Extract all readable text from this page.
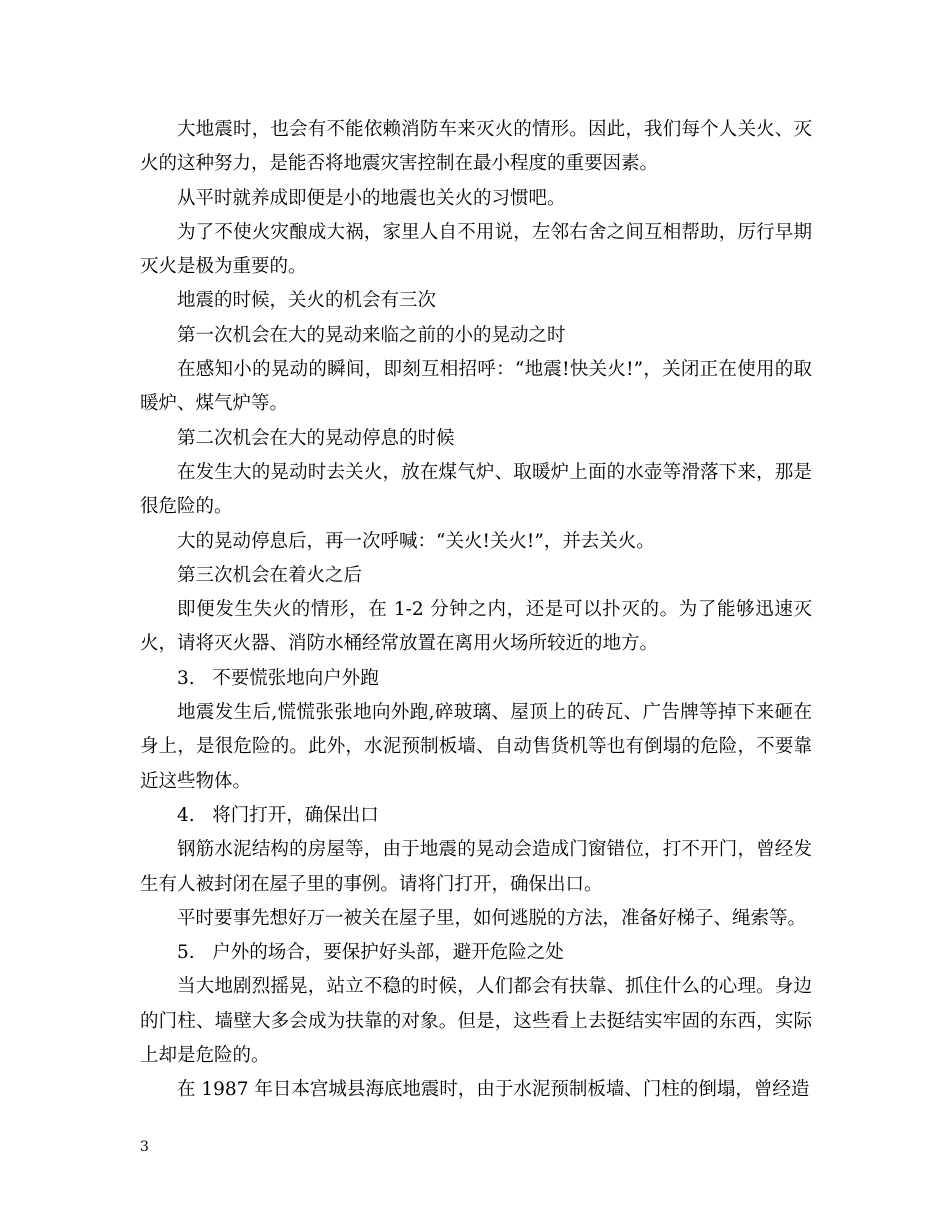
大地震时，也会有不能依赖消防车来灭火的情形。因此，我们每个人关火、灭火的这种努力，是能否将地震灾害控制在最小程度的重要因素。

从平时就养成即便是小的地震也关火的习惯吧。

为了不使火灾酿成大祸，家里人自不用说，左邻右舍之间互相帮助，厉行早期灭火是极为重要的。

地震的时候，关火的机会有三次

第一次机会在大的晃动来临之前的小的晃动之时

在感知小的晃动的瞬间，即刻互相招呼：“地震!快关火!”，关闭正在使用的取暖炉、煤气炉等。

第二次机会在大的晃动停息的时候

在发生大的晃动时去关火，放在煤气炉、取暖炉上面的水壶等滑落下来，那是很危险的。

大的晃动停息后，再一次呼喊：“关火!关火!”，并去关火。

第三次机会在着火之后

即便发生失火的情形，在 1-2 分钟之内，还是可以扑灭的。为了能够迅速灭火，请将灭火器、消防水桶经常放置在离用火场所较近的地方。

3.   不要慌张地向户外跑

地震发生后,慌慌张张地向外跑,碎玻璃、屋顶上的砖瓦、广告牌等掉下来砸在身上，是很危险的。此外，水泥预制板墙、自动售货机等也有倒塌的危险，不要靠近这些物体。

4.   将门打开，确保出口

钢筋水泥结构的房屋等，由于地震的晃动会造成门窗错位，打不开门，曾经发生有人被封闭在屋子里的事例。请将门打开，确保出口。

平时要事先想好万一被关在屋子里，如何逃脱的方法，准备好梯子、绳索等。

5.   户外的场合，要保护好头部，避开危险之处

当大地剧烈摇晃，站立不稳的时候，人们都会有扶靠、抓住什么的心理。身边的门柱、墙壁大多会成为扶靠的对象。但是，这些看上去挺结实牢固的东西，实际上却是危险的。

在 1987 年日本宫城县海底地震时，由于水泥预制板墙、门柱的倒塌，曾经造

3
